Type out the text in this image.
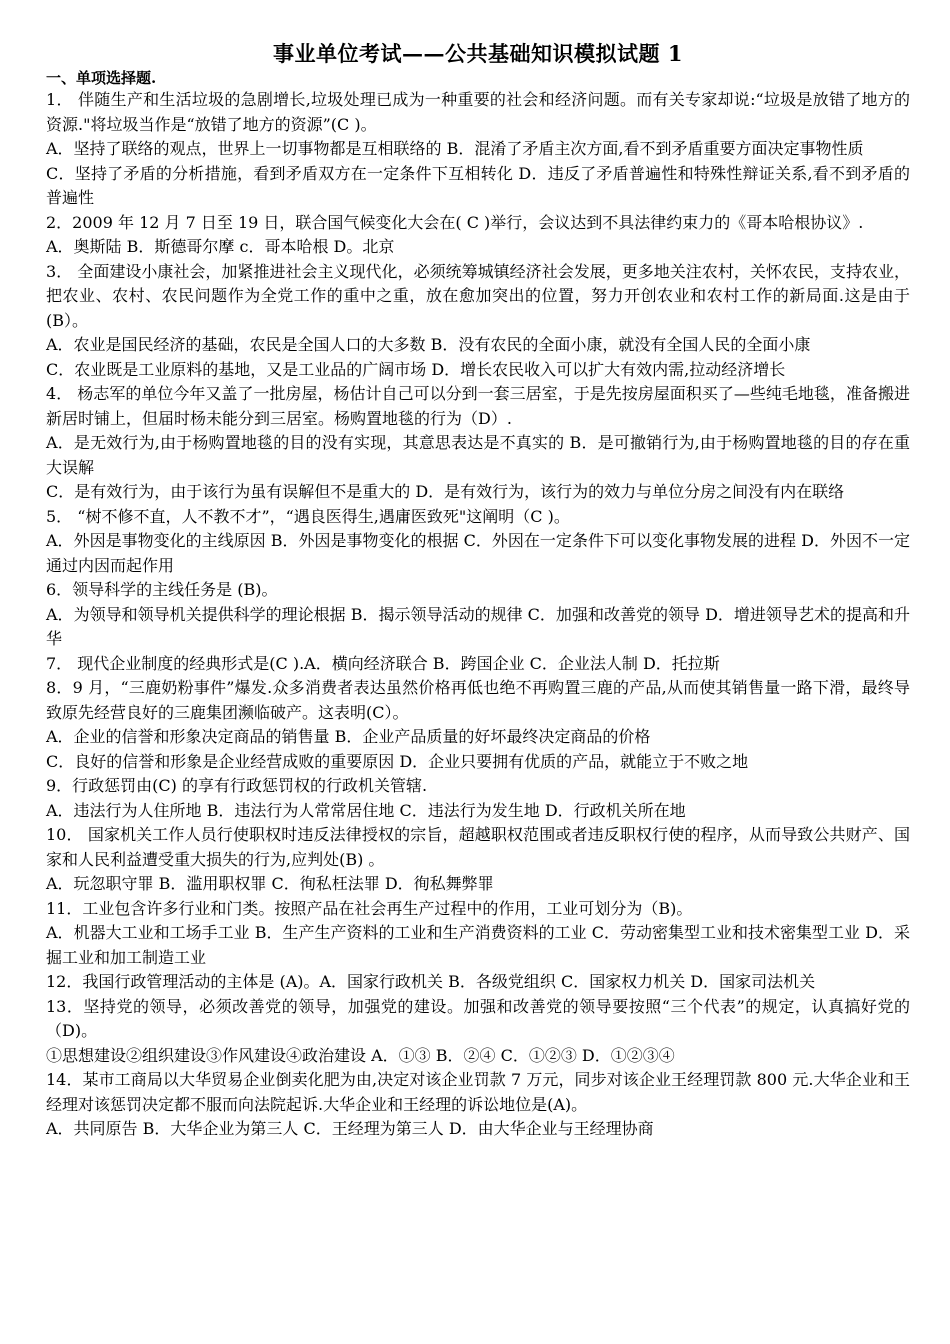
事业单位考试——公共基础知识模拟试题 1

一、单项选择题.

1． 伴随生产和生活垃圾的急剧增长,垃圾处理已成为一种重要的社会和经济问题。而有关专家却说:“垃圾是放错了地方的资源."将垃圾当作是“放错了地方的资源”(C )。

A．坚持了联络的观点，世界上一切事物都是互相联络的 B．混淆了矛盾主次方面,看不到矛盾重要方面决定事物性质

C．坚持了矛盾的分析措施，看到矛盾双方在一定条件下互相转化 D．违反了矛盾普遍性和特殊性辩证关系,看不到矛盾的普遍性

2．2009 年 12 月 7 日至 19 日，联合国气候变化大会在( C )举行，会议达到不具法律约束力的《哥本哈根协议》.

A．奥斯陆 B．斯德哥尔摩 c．哥本哈根 D。北京

3． 全面建设小康社会，加紧推进社会主义现代化，必须统筹城镇经济社会发展，更多地关注农村，关怀农民，支持农业，把农业、农村、农民问题作为全党工作的重中之重，放在愈加突出的位置，努力开创农业和农村工作的新局面.这是由于 (B）。

A．农业是国民经济的基础，农民是全国人口的大多数 B．没有农民的全面小康，就没有全国人民的全面小康

C．农业既是工业原料的基地，又是工业品的广阔市场 D．增长农民收入可以扩大有效内需,拉动经济增长

4． 杨志军的单位今年又盖了一批房屋，杨估计自己可以分到一套三居室，于是先按房屋面积买了—些纯毛地毯，准备搬进新居时铺上，但届时杨未能分到三居室。杨购置地毯的行为（D）.

A．是无效行为,由于杨购置地毯的目的没有实现，其意思表达是不真实的 B．是可撤销行为,由于杨购置地毯的目的存在重大误解

C．是有效行为，由于该行为虽有误解但不是重大的 D．是有效行为，该行为的效力与单位分房之间没有内在联络

5． “树不修不直，人不教不才”，“遇良医得生,遇庸医致死"这阐明（C )。

A．外因是事物变化的主线原因 B．外因是事物变化的根据 C．外因在一定条件下可以变化事物发展的进程 D．外因不一定通过内因而起作用

6．领导科学的主线任务是 (B)。

A．为领导和领导机关提供科学的理论根据 B．揭示领导活动的规律 C．加强和改善党的领导 D．增进领导艺术的提高和升华

7． 现代企业制度的经典形式是(C ).A．横向经济联合 B．跨国企业 C．企业法人制 D．托拉斯

8．9 月，“三鹿奶粉事件”爆发.众多消费者表达虽然价格再低也绝不再购置三鹿的产品,从而使其销售量一路下滑，最终导致原先经营良好的三鹿集团濒临破产。这表明(C）。

A．企业的信誉和形象决定商品的销售量 B．企业产品质量的好坏最终决定商品的价格

C．良好的信誉和形象是企业经营成败的重要原因 D．企业只要拥有优质的产品，就能立于不败之地

9．行政惩罚由(C) 的享有行政惩罚权的行政机关管辖.

A．违法行为人住所地 B．违法行为人常常居住地 C．违法行为发生地 D．行政机关所在地

10． 国家机关工作人员行使职权时违反法律授权的宗旨，超越职权范围或者违反职权行使的程序，从而导致公共财产、国家和人民利益遭受重大损失的行为,应判处(B) 。

A．玩忽职守罪 B．滥用职权罪 C．徇私枉法罪 D．徇私舞弊罪

11．工业包含许多行业和门类。按照产品在社会再生产过程中的作用，工业可划分为（B)。

A．机器大工业和工场手工业 B．生产生产资料的工业和生产消费资料的工业 C．劳动密集型工业和技术密集型工业 D．采掘工业和加工制造工业

12．我国行政管理活动的主体是 (A)。A．国家行政机关 B．各级党组织 C．国家权力机关 D．国家司法机关

13．坚持党的领导，必须改善党的领导，加强党的建设。加强和改善党的领导要按照“三个代表”的规定，认真搞好党的（D)。

①思想建设②组织建设③作风建设④政治建设 A．①③ B．②④ C．①②③ D．①②③④

14．某市工商局以大华贸易企业倒卖化肥为由,决定对该企业罚款 7 万元，同步对该企业王经理罚款 800 元.大华企业和王经理对该惩罚决定都不服而向法院起诉.大华企业和王经理的诉讼地位是(A)。

A．共同原告 B．大华企业为第三人 C．王经理为第三人 D．由大华企业与王经理协商
